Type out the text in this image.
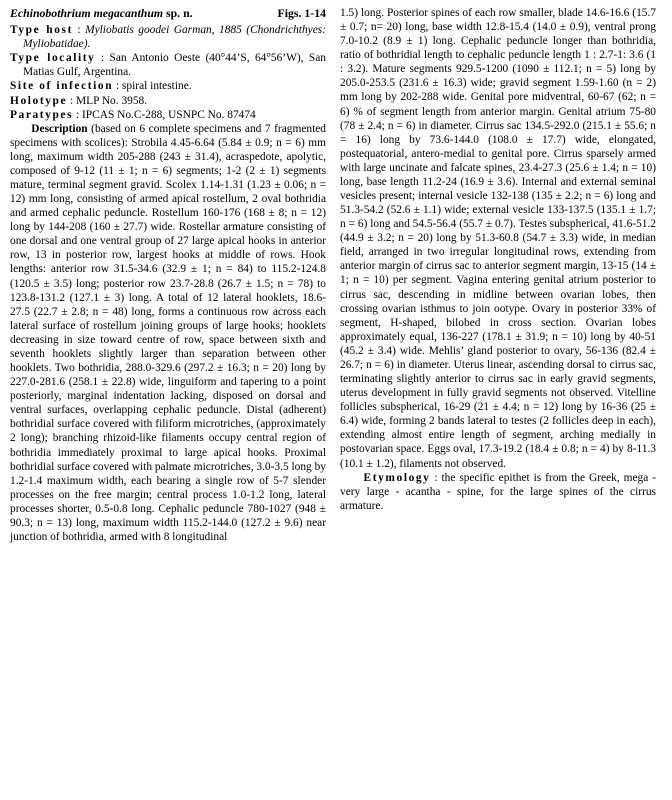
Echinobothrium megacanthum sp. n.	Figs. 1-14

Type host : Myliobatis goodei Garman, 1885 (Chondrichthyes: Myliobatidae).

Type locality : San Antonio Oeste (40°44’S, 64°56’W), San Matias Gulf, Argentina.

Site of infection : spiral intestine.

Holotype : MLP No. 3958.

Paratypes : IPCAS No.C-288, USNPC No. 87474

Description (based on 6 complete specimens and 7 fragmented specimens with scolices): Strobila 4.45-6.64 (5.84 ± 0.9; n = 6) mm long, maximum width 205-288 (243 ± 31.4), acraspedote, apolytic, composed of 9-12 (11 ± 1; n = 6) segments; 1-2 (2 ± 1) segments mature, terminal segment gravid. Scolex 1.14-1.31 (1.23 ± 0.06; n = 12) mm long, consisting of armed apical rostellum, 2 oval bothridia and armed cephalic peduncle. Rostellum 160-176 (168 ± 8; n = 12) long by 144-208 (160 ± 27.7) wide. Rostellar armature consisting of one dorsal and one ventral group of 27 large apical hooks in anterior row, 13 in posterior row, largest hooks at middle of rows. Hook lengths: anterior row 31.5-34.6 (32.9 ± 1; n = 84) to 115.2-124.8 (120.5 ± 3.5) long; posterior row 23.7-28.8 (26.7 ± 1.5; n = 78) to 123.8-131.2 (127.1 ± 3) long. A total of 12 lateral hooklets, 18.6-27.5 (22.7 ± 2.8; n = 48) long, forms a continuous row across each lateral surface of rostellum joining groups of large hooks; hooklets decreasing in size toward centre of row, space between sixth and seventh hooklets slightly larger than separation between other hooklets. Two bothridia, 288.0-329.6 (297.2 ± 16.3; n = 20) long by 227.0-281.6 (258.1 ± 22.8) wide, linguiform and tapering to a point posteriorly, marginal indentation lacking, disposed on dorsal and ventral surfaces, overlapping cephalic peduncle. Distal (adherent) bothridial surface covered with filiform microtriches, (approximately 2 long); branching rhizoid-like filaments occupy central region of bothridia immediately proximal to large apical hooks. Proximal bothridial surface covered with palmate microtriches, 3.0-3.5 long by 1.2-1.4 maximum width, each bearing a single row of 5-7 slender processes on the free margin; central process 1.0-1.2 long, lateral processes shorter, 0.5-0.8 long. Cephalic peduncle 780-1027 (948 ± 90.3; n = 13) long, maximum width 115.2-144.0 (127.2 ± 9.6) near junction of bothridia, armed with 8 longitudinal

1.5) long. Posterior spines of each row smaller, blade 14.6-16.6 (15.7 ± 0.7; n= 20) long, base width 12.8-15.4 (14.0 ± 0.9), ventral prong 7.0-10.2 (8.9 ± 1) long. Cephalic peduncle longer than bothridia, ratio of bothridial length to cephalic peduncle length 1 : 2.7-1: 3.6 (1 : 3.2). Mature segments 929.5-1200 (1090 ± 112.1; n = 5) long by 205.0-253.5 (231.6 ± 16.3) wide; gravid segment 1.59-1.60 (n = 2) mm long by 202-288 wide. Genital pore midventral, 60-67 (62; n = 6) % of segment length from anterior margin. Genital atrium 75-80 (78 ± 2.4; n = 6) in diameter. Cirrus sac 134.5-292.0 (215.1 ± 55.6; n = 16) long by 73.6-144.0 (108.0 ± 17.7) wide, elongated, postequatorial, antero-medial to genital pore. Cirrus sparsely armed with large uncinate and falcate spines, 23.4-27.3 (25.6 ± 1.4; n = 10) long, base length 11.2-24 (16.9 ± 3.6). Internal and external seminal vesicles present; internal vesicle 132-138 (135 ± 2.2; n = 6) long and 51.3-54.2 (52.6 ± 1.1) wide; external vesicle 133-137.5 (135.1 ± 1.7; n = 6) long and 54.5-56.4 (55.7 ± 0.7). Testes subspherical, 41.6-51.2 (44.9 ± 3.2; n = 20) long by 51.3-60.8 (54.7 ± 3.3) wide, in median field, arranged in two irregular longitudinal rows, extending from anterior margin of cirrus sac to anterior segment margin, 13-15 (14 ± 1; n = 10) per segment. Vagina entering genital atrium posterior to cirrus sac, descending in midline between ovarian lobes, then crossing ovarian isthmus to join ootype. Ovary in posterior 33% of segment, H-shaped, bilobed in cross section. Ovarian lobes approximately equal, 136-227 (178.1 ± 31.9; n = 10) long by 40-51 (45.2 ± 3.4) wide. Mehlis’ gland posterior to ovary, 56-136 (82.4 ± 26.7; n = 6) in diameter. Uterus linear, ascending dorsal to cirrus sac, terminating slightly anterior to cirrus sac in early gravid segments, uterus development in fully gravid segments not observed. Vitelline follicles subspherical, 16-29 (21 ± 4.4; n = 12) long by 16-36 (25 ± 6.4) wide, forming 2 bands lateral to testes (2 follicles deep in each), extending almost entire length of segment, arching medially in postovarian space. Eggs oval, 17.3-19.2 (18.4 ± 0.8; n = 4) by 8-11.3 (10.1 ± 1.2), filaments not observed.

Etymology : the specific epithet is from the Greek, mega - very large - acantha - spine, for the large spines of the cirrus armature.
